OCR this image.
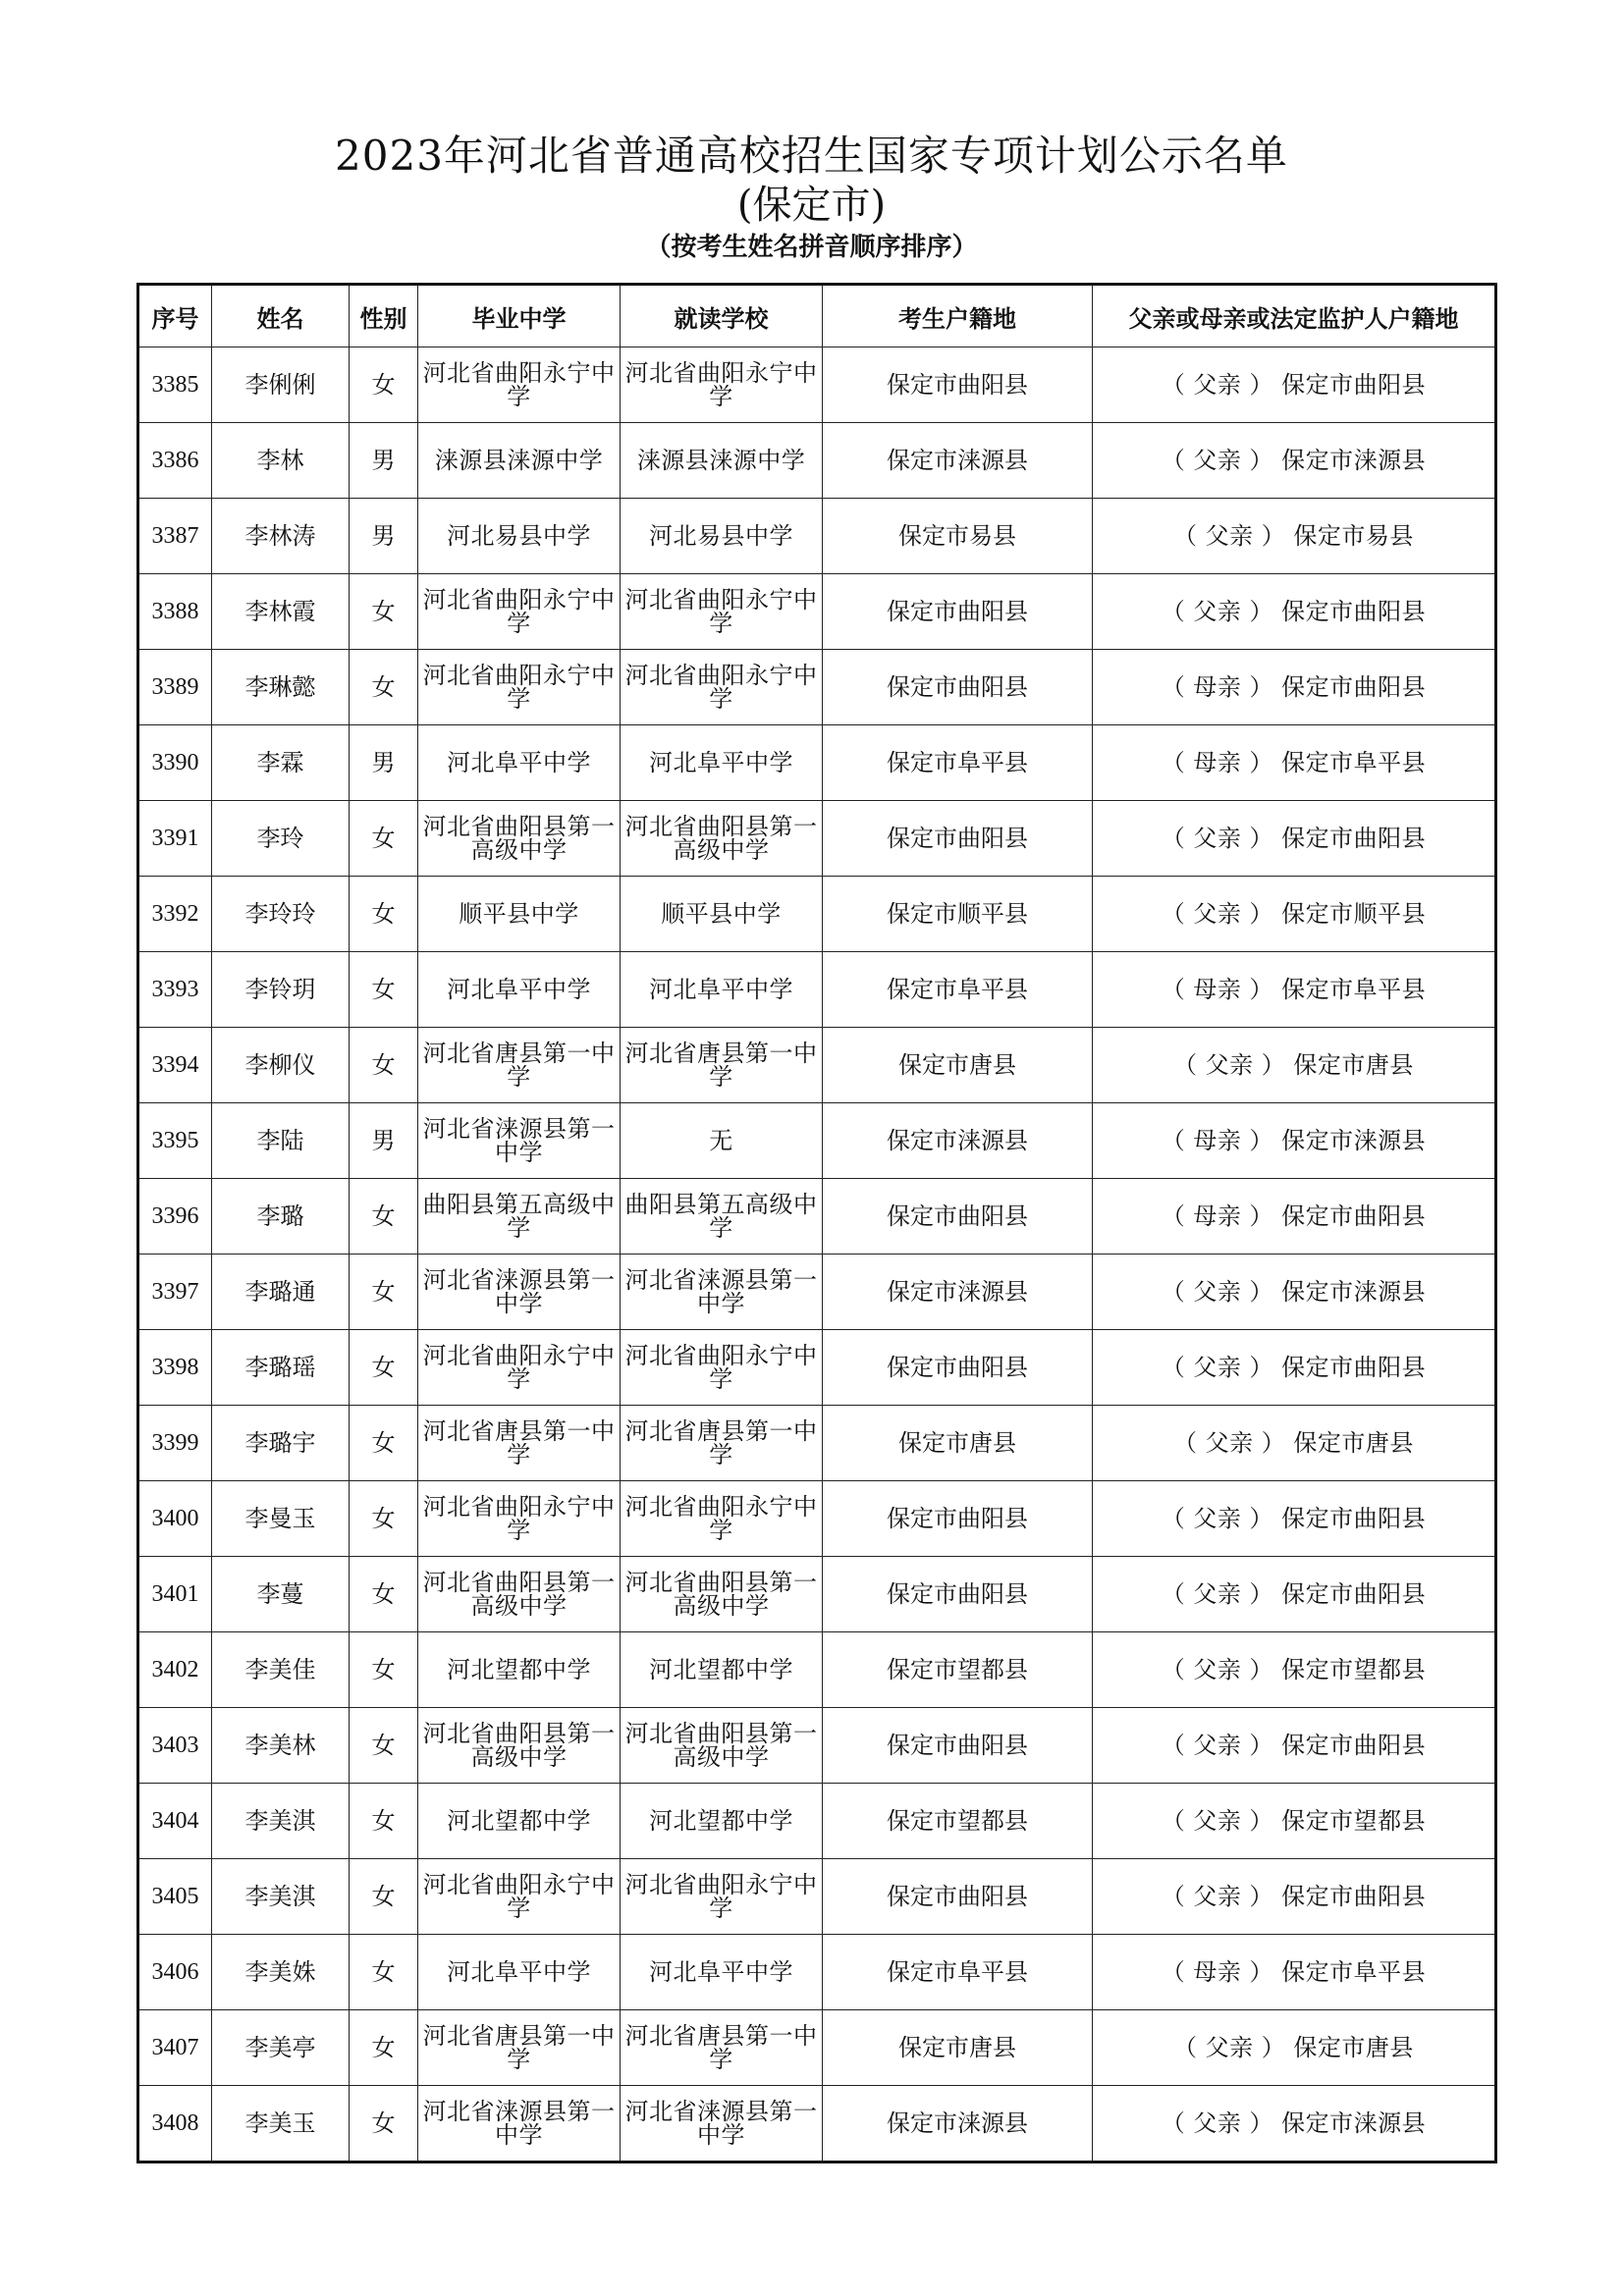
2023年河北省普通高校招生国家专项计划公示名单
(保定市)
（按考生姓名拼音顺序排序）
序号	姓名	性别	毕业中学	就读学校	考生户籍地	父亲或母亲或法定监护人户籍地
3385	李俐俐	女	河北省曲阳永宁中学	河北省曲阳永宁中学	保定市曲阳县	（ 父亲 ） 保定市曲阳县
3386	李林	男	涞源县涞源中学	涞源县涞源中学	保定市涞源县	（ 父亲 ） 保定市涞源县
3387	李林涛	男	河北易县中学	河北易县中学	保定市易县	（ 父亲 ） 保定市易县
3388	李林霞	女	河北省曲阳永宁中学	河北省曲阳永宁中学	保定市曲阳县	（ 父亲 ） 保定市曲阳县
3389	李琳懿	女	河北省曲阳永宁中学	河北省曲阳永宁中学	保定市曲阳县	（ 母亲 ） 保定市曲阳县
3390	李霖	男	河北阜平中学	河北阜平中学	保定市阜平县	（ 母亲 ） 保定市阜平县
3391	李玲	女	河北省曲阳县第一高级中学	河北省曲阳县第一高级中学	保定市曲阳县	（ 父亲 ） 保定市曲阳县
3392	李玲玲	女	顺平县中学	顺平县中学	保定市顺平县	（ 父亲 ） 保定市顺平县
3393	李铃玥	女	河北阜平中学	河北阜平中学	保定市阜平县	（ 母亲 ） 保定市阜平县
3394	李柳仪	女	河北省唐县第一中学	河北省唐县第一中学	保定市唐县	（ 父亲 ） 保定市唐县
3395	李陆	男	河北省涞源县第一中学	无	保定市涞源县	（ 母亲 ） 保定市涞源县
3396	李璐	女	曲阳县第五高级中学	曲阳县第五高级中学	保定市曲阳县	（ 母亲 ） 保定市曲阳县
3397	李璐通	女	河北省涞源县第一中学	河北省涞源县第一中学	保定市涞源县	（ 父亲 ） 保定市涞源县
3398	李璐瑶	女	河北省曲阳永宁中学	河北省曲阳永宁中学	保定市曲阳县	（ 父亲 ） 保定市曲阳县
3399	李璐宇	女	河北省唐县第一中学	河北省唐县第一中学	保定市唐县	（ 父亲 ） 保定市唐县
3400	李曼玉	女	河北省曲阳永宁中学	河北省曲阳永宁中学	保定市曲阳县	（ 父亲 ） 保定市曲阳县
3401	李蔓	女	河北省曲阳县第一高级中学	河北省曲阳县第一高级中学	保定市曲阳县	（ 父亲 ） 保定市曲阳县
3402	李美佳	女	河北望都中学	河北望都中学	保定市望都县	（ 父亲 ） 保定市望都县
3403	李美林	女	河北省曲阳县第一高级中学	河北省曲阳县第一高级中学	保定市曲阳县	（ 父亲 ） 保定市曲阳县
3404	李美淇	女	河北望都中学	河北望都中学	保定市望都县	（ 父亲 ） 保定市望都县
3405	李美淇	女	河北省曲阳永宁中学	河北省曲阳永宁中学	保定市曲阳县	（ 父亲 ） 保定市曲阳县
3406	李美姝	女	河北阜平中学	河北阜平中学	保定市阜平县	（ 母亲 ） 保定市阜平县
3407	李美亭	女	河北省唐县第一中学	河北省唐县第一中学	保定市唐县	（ 父亲 ） 保定市唐县
3408	李美玉	女	河北省涞源县第一中学	河北省涞源县第一中学	保定市涞源县	（ 父亲 ） 保定市涞源县
